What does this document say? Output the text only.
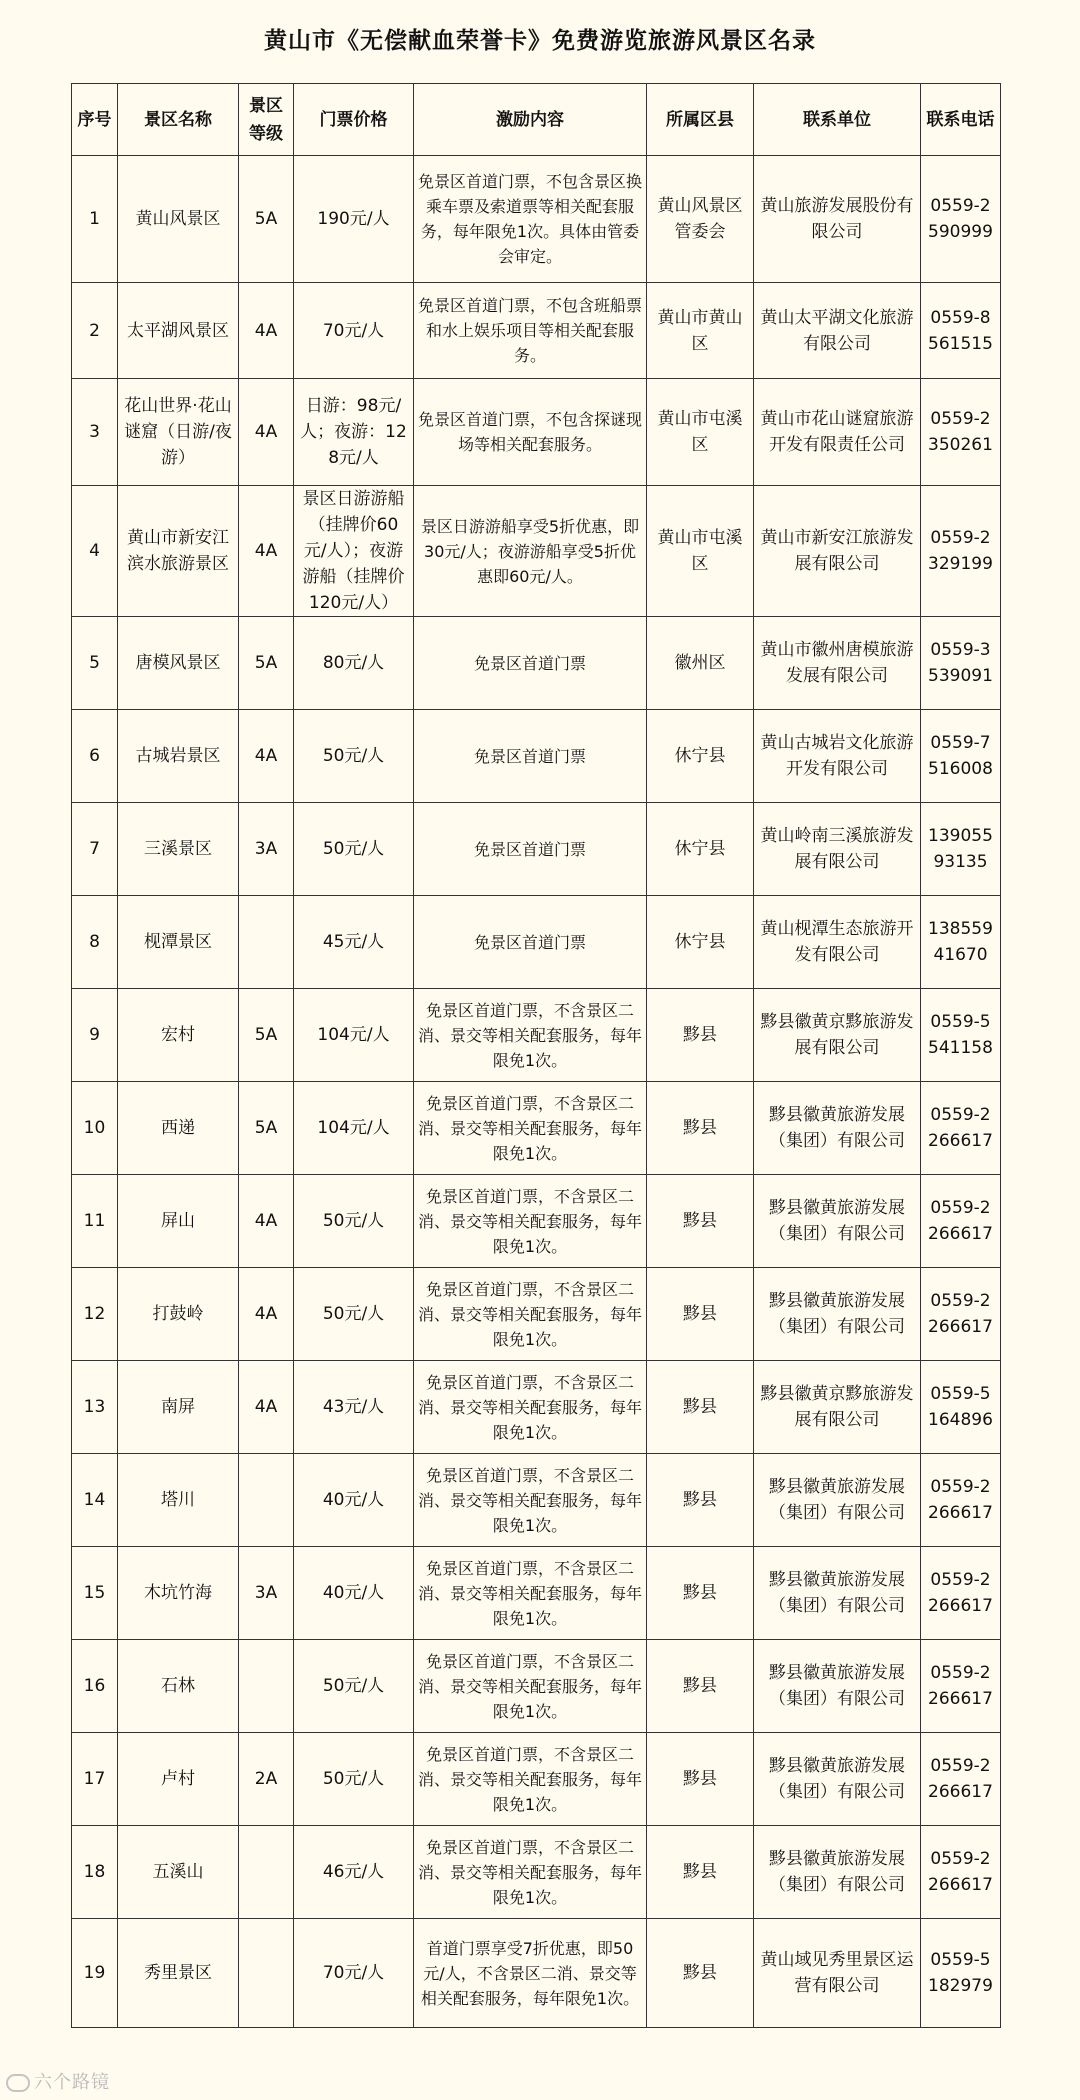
黄山市《无偿献血荣誉卡》免费游览旅游风景区名录
序号	景区名称	景区等级	门票价格	激励内容	所属区县	联系单位	联系电话
1	黄山风景区	5A	190元/人	免景区首道门票，不包含景区换乘车票及索道票等相关配套服务，每年限免1次。具体由管委会审定。	黄山风景区管委会	黄山旅游发展股份有限公司	0559-2590999
2	太平湖风景区	4A	70元/人	免景区首道门票，不包含班船票和水上娱乐项目等相关配套服务。	黄山市黄山区	黄山太平湖文化旅游有限公司	0559-8561515
3	花山世界·花山谜窟（日游/夜游）	4A	日游：98元/人；夜游：128元/人	免景区首道门票，不包含探谜现场等相关配套服务。	黄山市屯溪区	黄山市花山谜窟旅游开发有限责任公司	0559-2350261
4	黄山市新安江滨水旅游景区	4A	景区日游游船（挂牌价60元/人）；夜游游船（挂牌价120元/人）	景区日游游船享受5折优惠，即30元/人；夜游游船享受5折优惠即60元/人。	黄山市屯溪区	黄山市新安江旅游发展有限公司	0559-2329199
5	唐模风景区	5A	80元/人	免景区首道门票	徽州区	黄山市徽州唐模旅游发展有限公司	0559-3539091
6	古城岩景区	4A	50元/人	免景区首道门票	休宁县	黄山古城岩文化旅游开发有限公司	0559-7516008
7	三溪景区	3A	50元/人	免景区首道门票	休宁县	黄山岭南三溪旅游发展有限公司	13905593135
8	枧潭景区		45元/人	免景区首道门票	休宁县	黄山枧潭生态旅游开发有限公司	13855941670
9	宏村	5A	104元/人	免景区首道门票，不含景区二消、景交等相关配套服务，每年限免1次。	黟县	黟县徽黄京黟旅游发展有限公司	0559-5541158
10	西递	5A	104元/人	免景区首道门票，不含景区二消、景交等相关配套服务，每年限免1次。	黟县	黟县徽黄旅游发展（集团）有限公司	0559-2266617
11	屏山	4A	50元/人	免景区首道门票，不含景区二消、景交等相关配套服务，每年限免1次。	黟县	黟县徽黄旅游发展（集团）有限公司	0559-2266617
12	打鼓岭	4A	50元/人	免景区首道门票，不含景区二消、景交等相关配套服务，每年限免1次。	黟县	黟县徽黄旅游发展（集团）有限公司	0559-2266617
13	南屏	4A	43元/人	免景区首道门票，不含景区二消、景交等相关配套服务，每年限免1次。	黟县	黟县徽黄京黟旅游发展有限公司	0559-5164896
14	塔川		40元/人	免景区首道门票，不含景区二消、景交等相关配套服务，每年限免1次。	黟县	黟县徽黄旅游发展（集团）有限公司	0559-2266617
15	木坑竹海	3A	40元/人	免景区首道门票，不含景区二消、景交等相关配套服务，每年限免1次。	黟县	黟县徽黄旅游发展（集团）有限公司	0559-2266617
16	石林		50元/人	免景区首道门票，不含景区二消、景交等相关配套服务，每年限免1次。	黟县	黟县徽黄旅游发展（集团）有限公司	0559-2266617
17	卢村	2A	50元/人	免景区首道门票，不含景区二消、景交等相关配套服务，每年限免1次。	黟县	黟县徽黄旅游发展（集团）有限公司	0559-2266617
18	五溪山		46元/人	免景区首道门票，不含景区二消、景交等相关配套服务，每年限免1次。	黟县	黟县徽黄旅游发展（集团）有限公司	0559-2266617
19	秀里景区		70元/人	首道门票享受7折优惠，即50元/人，不含景区二消、景交等相关配套服务，每年限免1次。	黟县	黄山域见秀里景区运营有限公司	0559-5182979
六个路镜
